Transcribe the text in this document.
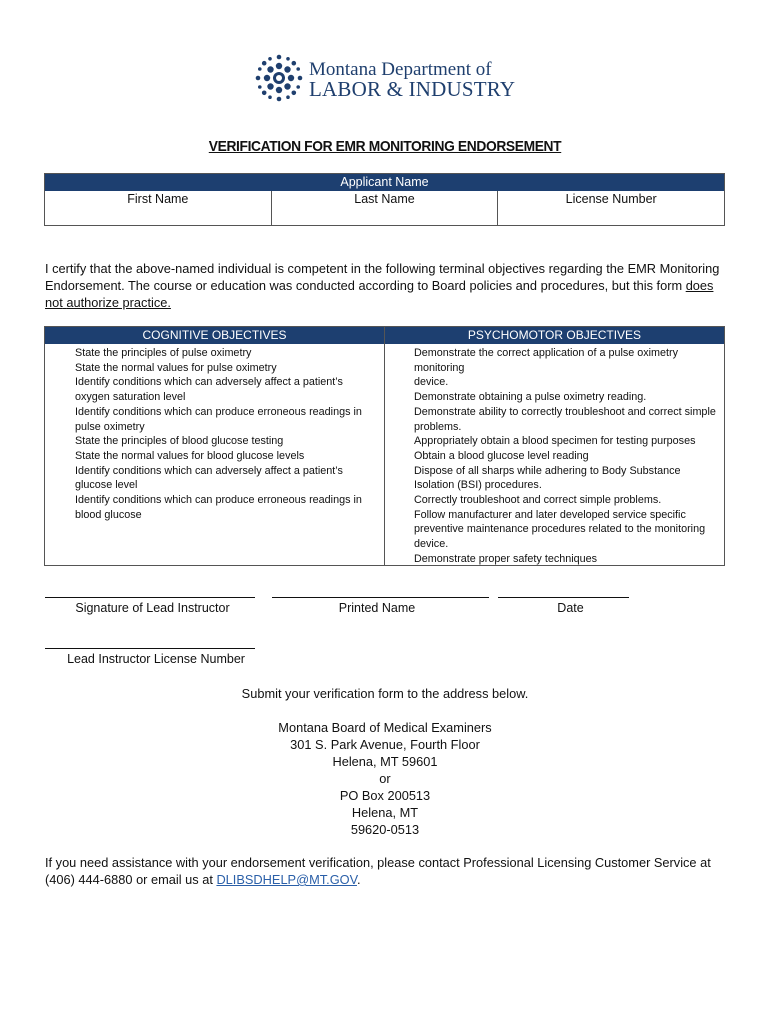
Montana Department of
LABOR & INDUSTRY
VERIFICATION FOR EMR MONITORING ENDORSEMENT
Applicant Name
First Name	Last Name	License Number
I certify that the above-named individual is competent in the following terminal objectives regarding the EMR Monitoring Endorsement. The course or education was conducted according to Board policies and procedures, but this form does not authorize practice.
COGNITIVE OBJECTIVES
State the principles of pulse oximetry
State the normal values for pulse oximetry
Identify conditions which can adversely affect a patient’s oxygen saturation level
Identify conditions which can produce erroneous readings in pulse oximetry
State the principles of blood glucose testing
State the normal values for blood glucose levels
Identify conditions which can adversely affect a patient’s glucose level
Identify conditions which can produce erroneous readings in blood glucose
PSYCHOMOTOR OBJECTIVES
Demonstrate the correct application of a pulse oximetry monitoring
device.
Demonstrate obtaining a pulse oximetry reading.
Demonstrate ability to correctly troubleshoot and correct simple problems.
Appropriately obtain a blood specimen for testing purposes
Obtain a blood glucose level reading
Dispose of all sharps while adhering to Body Substance Isolation (BSI) procedures.
Correctly troubleshoot and correct simple problems.
Follow manufacturer and later developed service specific preventive maintenance procedures related to the monitoring device.
Demonstrate proper safety techniques
Signature of Lead Instructor	Printed Name	Date
Lead Instructor License Number
Submit your verification form to the address below.
Montana Board of Medical Examiners
301 S. Park Avenue, Fourth Floor
Helena, MT 59601
or
PO Box 200513
Helena, MT
59620-0513
If you need assistance with your endorsement verification, please contact Professional Licensing Customer Service at (406) 444-6880 or email us at DLIBSDHELP@MT.GOV.
